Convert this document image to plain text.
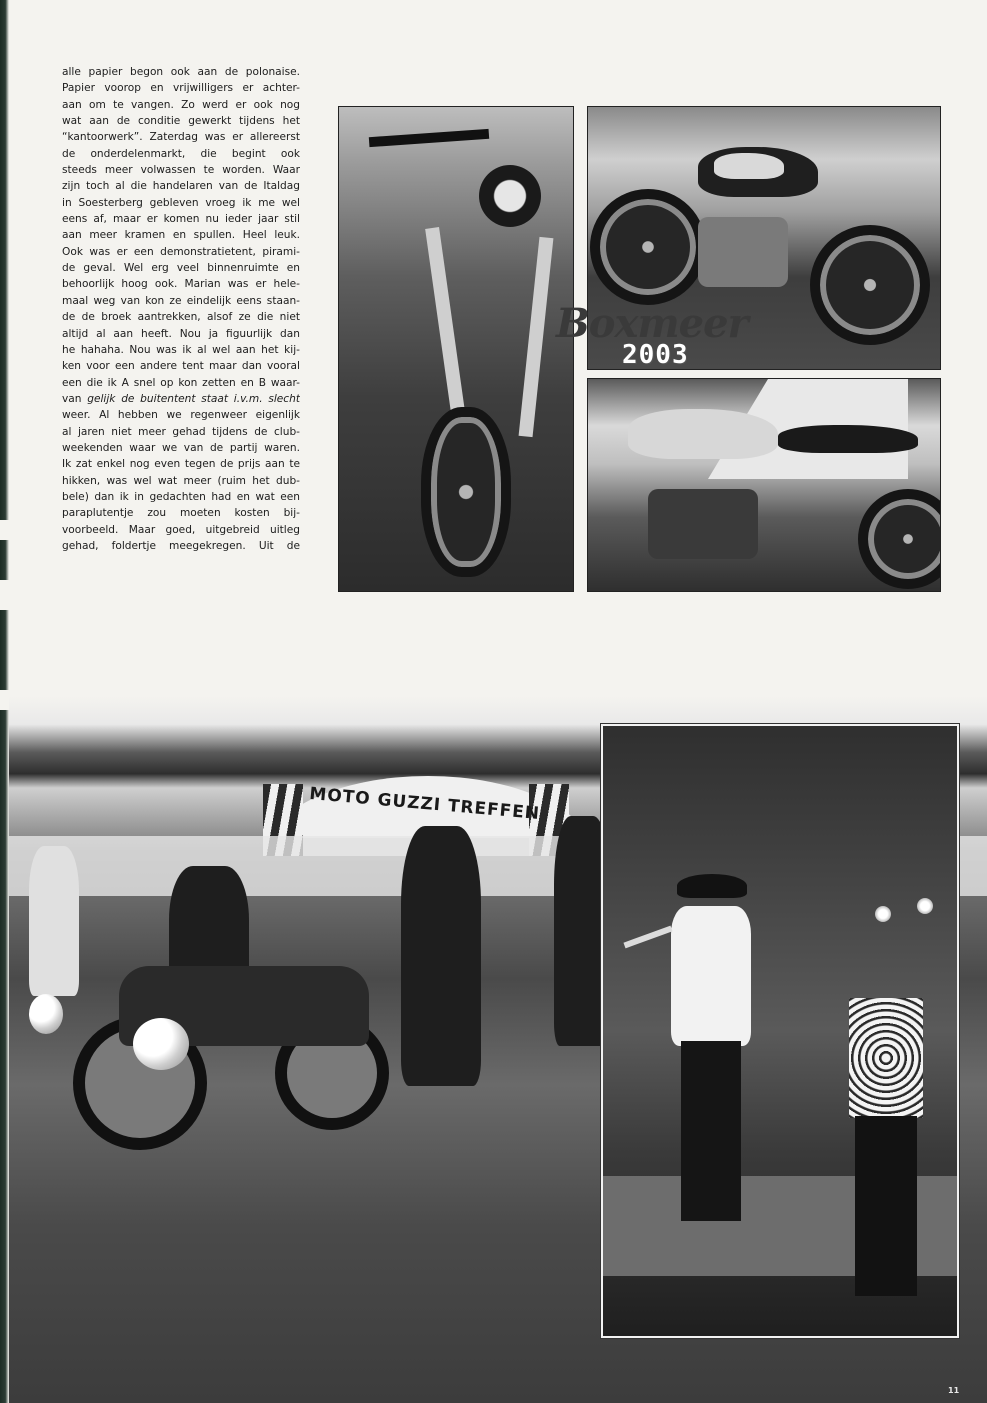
alle papier begon ook aan de polonaise.
Papier voorop en vrijwilligers er achter-
aan om te vangen. Zo werd er ook nog
wat aan de conditie gewerkt tijdens het
“kantoorwerk”. Zaterdag was er allereerst
de onderdelenmarkt, die begint ook
steeds meer volwassen te worden. Waar
zijn toch al die handelaren van de Italdag
in Soesterberg gebleven vroeg ik me wel
eens af, maar er komen nu ieder jaar stil
aan meer kramen en spullen. Heel leuk.
Ook was er een demonstratietent, pirami-
de geval. Wel erg veel binnenruimte en
behoorlijk hoog ook. Marian was er hele-
maal weg van kon ze eindelijk eens staan-
de de broek aantrekken, alsof ze die niet
altijd al aan heeft. Nou ja figuurlijk dan
he hahaha. Nou was ik al wel aan het kij-
ken voor een andere tent maar dan vooral
een die ik A snel op kon zetten en B waar-
van gelijk de buitentent staat i.v.m. slecht
weer. Al hebben we regenweer eigenlijk
al jaren niet meer gehad tijdens de club-
weekenden waar we van de partij waren.
Ik zat enkel nog even tegen de prijs aan te
hikken, was wel wat meer (ruim het dub-
bele) dan ik in gedachten had en wat een
paraplutentje zou moeten kosten bij-
voorbeeld. Maar goed, uitgebreid uitleg
gehad, foldertje meegekregen. Uit de
Boxmeer
2003
MOTO GUZZI TREFFEN
11
